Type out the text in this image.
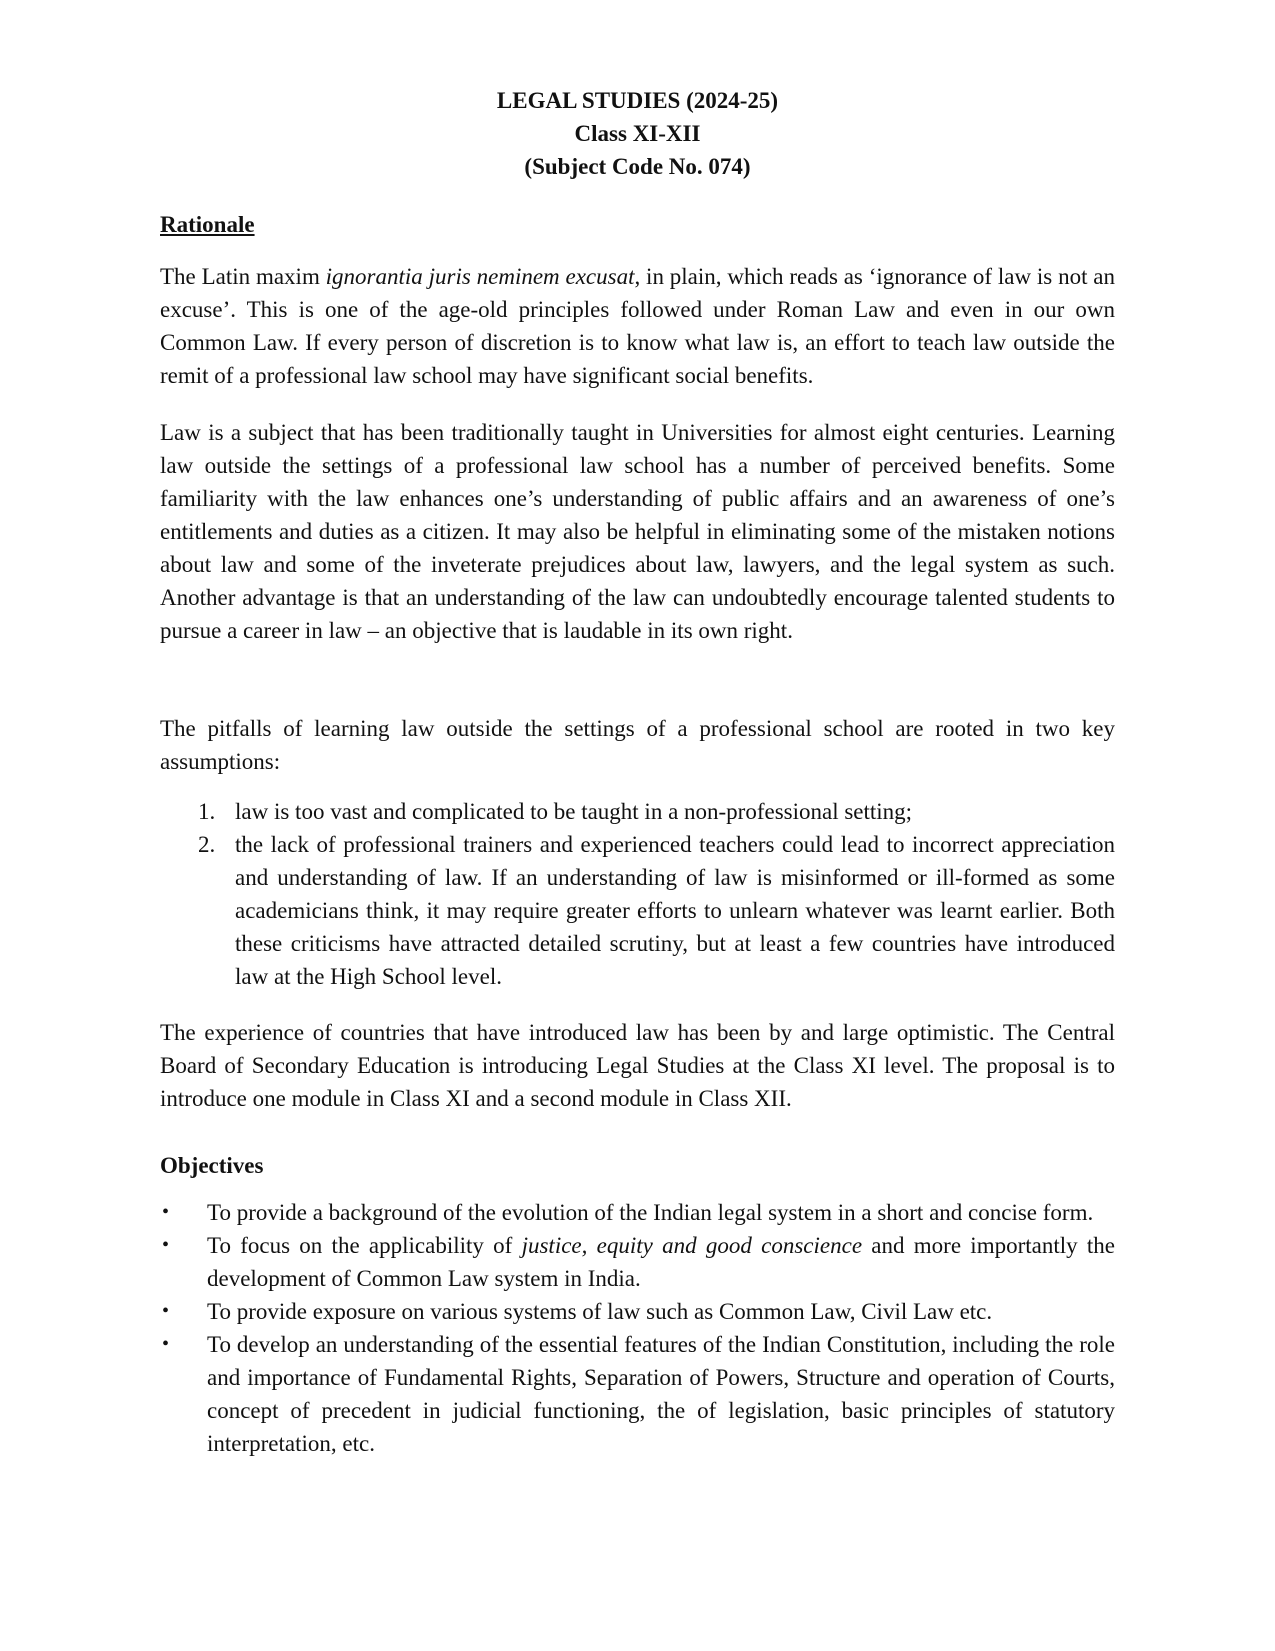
LEGAL STUDIES (2024-25)
Class XI-XII
(Subject Code No. 074)
Rationale

The Latin maxim ignorantia juris neminem excusat, in plain, which reads as ‘ignorance of law is not an excuse’. This is one of the age-old principles followed under Roman Law and even in our own Common Law. If every person of discretion is to know what law is, an effort to teach law outside the remit of a professional law school may have significant social benefits.

Law is a subject that has been traditionally taught in Universities for almost eight centuries. Learning law outside the settings of a professional law school has a number of perceived benefits. Some familiarity with the law enhances one’s understanding of public affairs and an awareness of one’s entitlements and duties as a citizen. It may also be helpful in eliminating some of the mistaken notions about law and some of the inveterate prejudices about law, lawyers, and the legal system as such. Another advantage is that an understanding of the law can undoubtedly encourage talented students to pursue a career in law – an objective that is laudable in its own right.

The pitfalls of learning law outside the settings of a professional school are rooted in two key assumptions:

1. law is too vast and complicated to be taught in a non-professional setting;
2. the lack of professional trainers and experienced teachers could lead to incorrect appreciation and understanding of law. If an understanding of law is misinformed or ill-formed as some academicians think, it may require greater efforts to unlearn whatever was learnt earlier. Both these criticisms have attracted detailed scrutiny, but at least a few countries have introduced law at the High School level.

The experience of countries that have introduced law has been by and large optimistic. The Central Board of Secondary Education is introducing Legal Studies at the Class XI level. The proposal is to introduce one module in Class XI and a second module in Class XII.

Objectives
• To provide a background of the evolution of the Indian legal system in a short and concise form.
• To focus on the applicability of justice, equity and good conscience and more importantly the development of Common Law system in India.
• To provide exposure on various systems of law such as Common Law, Civil Law etc.
• To develop an understanding of the essential features of the Indian Constitution, including the role and importance of Fundamental Rights, Separation of Powers, Structure and operation of Courts, concept of precedent in judicial functioning, the of legislation, basic principles of statutory interpretation, etc.
